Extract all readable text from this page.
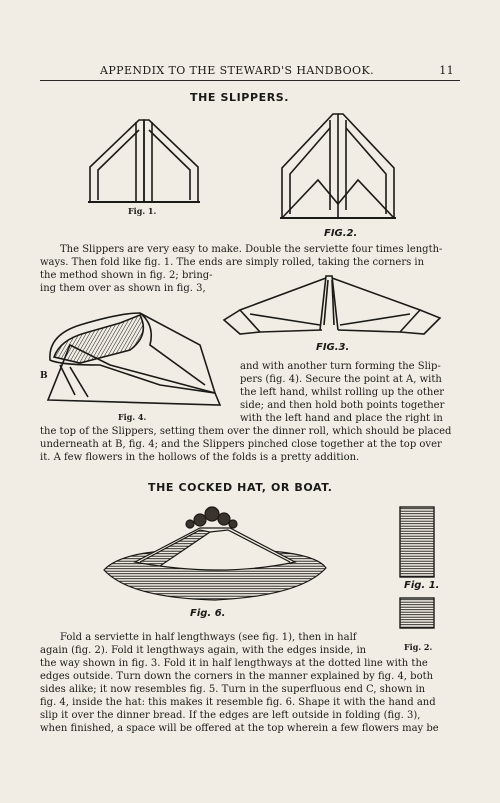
APPENDIX TO THE STEWARD'S HANDBOOK.	11
THE SLIPPERS.
Fig. 1.
FIG.2.
The Slippers are very easy to make. Double the serviette four times length-
ways. Then fold like fig. 1. The ends are simply rolled, taking the corners in
the method shown in fig. 2; bring-
ing them over as shown in fig. 3,
FIG.3.
B
Fig. 4.
and with another turn forming the Slip-
pers (fig. 4). Secure the point at A, with
the left hand, whilst rolling up the other
side; and then hold both points together
with the left hand and place the right in
the top of the Slippers, setting them over the dinner roll, which should be placed
underneath at B, fig. 4; and the Slippers pinched close together at the top over
it. A few flowers in the hollows of the folds is a pretty addition.
THE COCKED HAT, OR BOAT.
Fig. 6.
Fig. 1.
Fig. 2.
Fold a serviette in half lengthways (see fig. 1), then in half
again (fig. 2). Fold it lengthways again, with the edges inside, in
the way shown in fig. 3. Fold it in half lengthways at the dotted line with the
edges outside. Turn down the corners in the manner explained by fig. 4, both
sides alike; it now resembles fig. 5. Turn in the superfluous end C, shown in
fig. 4, inside the hat: this makes it resemble fig. 6. Shape it with the hand and
slip it over the dinner bread. If the edges are left outside in folding (fig. 3),
when finished, a space will be offered at the top wherein a few flowers may be
